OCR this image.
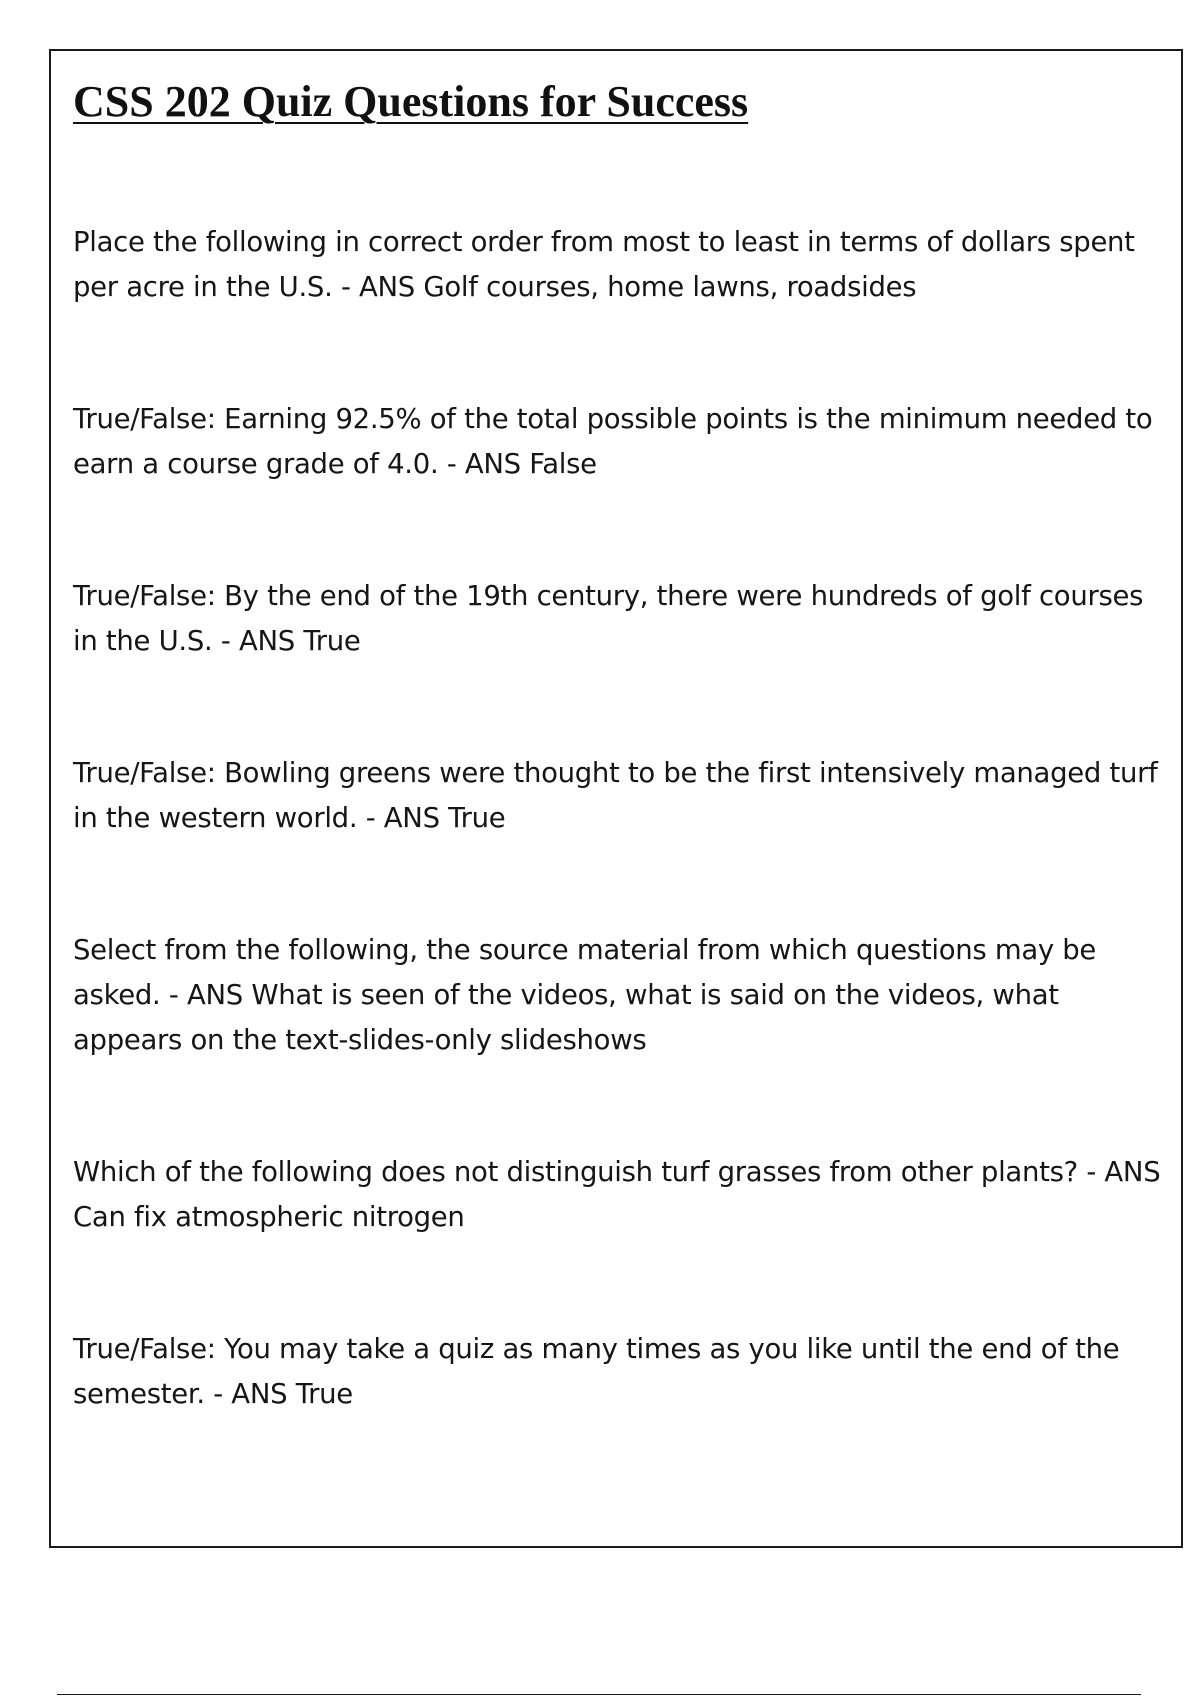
CSS 202 Quiz Questions for Success
Place the following in correct order from most to least in terms of dollars spent per acre in the U.S. - ANS Golf courses, home lawns, roadsides
True/False: Earning 92.5% of the total possible points is the minimum needed to earn a course grade of 4.0. - ANS False
True/False: By the end of the 19th century, there were hundreds of golf courses in the U.S. - ANS True
True/False: Bowling greens were thought to be the first intensively managed turf in the western world. - ANS True
Select from the following, the source material from which questions may be asked. - ANS What is seen of the videos, what is said on the videos, what appears on the text-slides-only slideshows
Which of the following does not distinguish turf grasses from other plants? - ANS Can fix atmospheric nitrogen
True/False: You may take a quiz as many times as you like until the end of the semester. - ANS True
